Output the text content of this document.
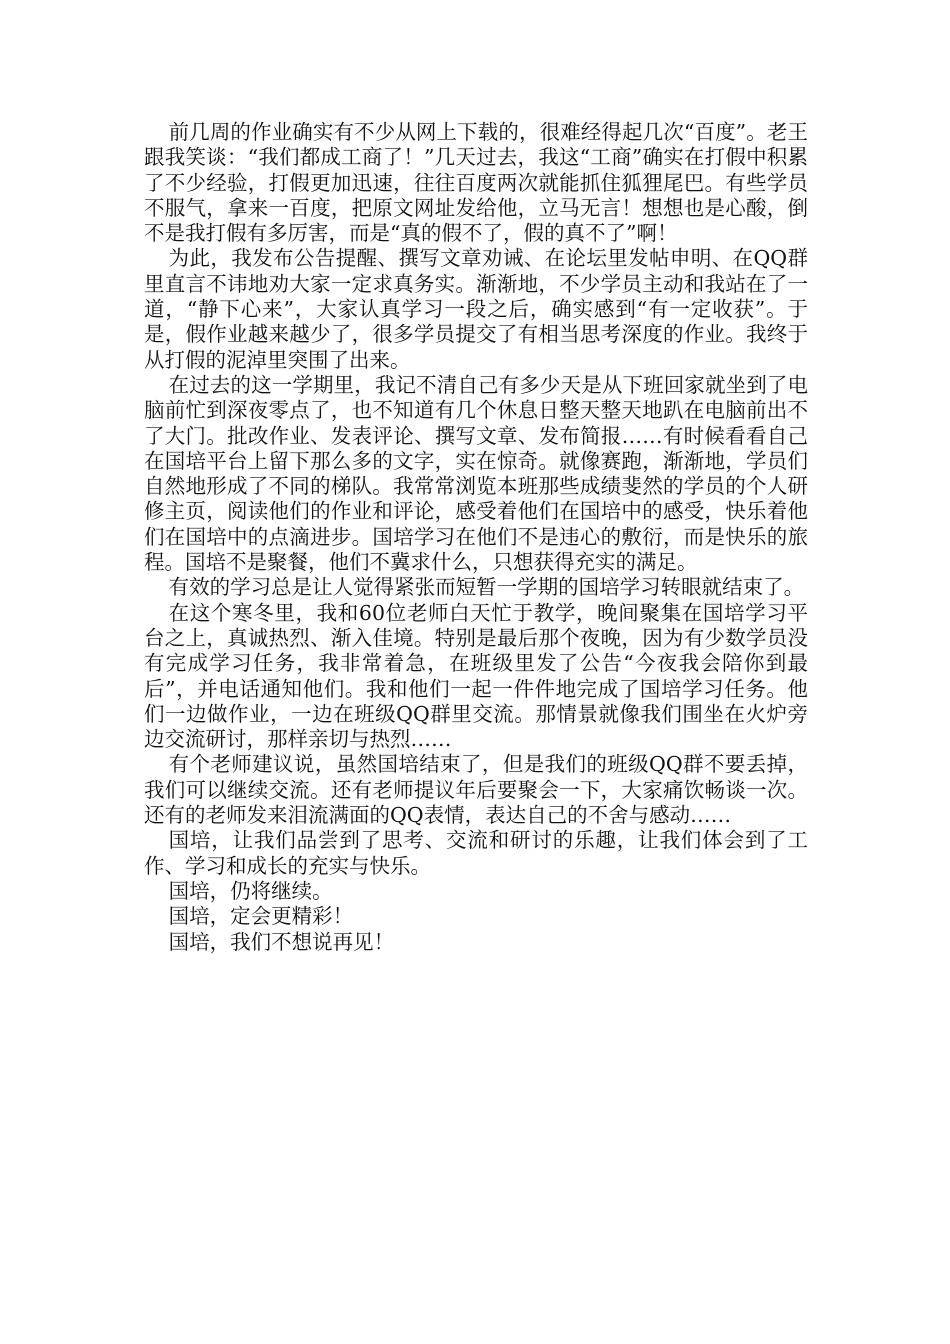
前几周的作业确实有不少从网上下载的，很难经得起几次“百度”。老王跟我笑谈：“我们都成工商了！”几天过去，我这“工商”确实在打假中积累了不少经验，打假更加迅速，往往百度两次就能抓住狐狸尾巴。有些学员不服气，拿来一百度，把原文网址发给他，立马无言！想想也是心酸，倒不是我打假有多厉害，而是“真的假不了，假的真不了”啊！

为此，我发布公告提醒、撰写文章劝诫、在论坛里发帖申明、在QQ群里直言不讳地劝大家一定求真务实。渐渐地，不少学员主动和我站在了一道，“静下心来”，大家认真学习一段之后，确实感到“有一定收获”。于是，假作业越来越少了，很多学员提交了有相当思考深度的作业。我终于从打假的泥淖里突围了出来。

在过去的这一学期里，我记不清自己有多少天是从下班回家就坐到了电脑前忙到深夜零点了，也不知道有几个休息日整天整天地趴在电脑前出不了大门。批改作业、发表评论、撰写文章、发布简报……有时候看看自己在国培平台上留下那么多的文字，实在惊奇。就像赛跑，渐渐地，学员们自然地形成了不同的梯队。我常常浏览本班那些成绩斐然的学员的个人研修主页，阅读他们的作业和评论，感受着他们在国培中的感受，快乐着他们在国培中的点滴进步。国培学习在他们不是违心的敷衍，而是快乐的旅程。国培不是聚餐，他们不冀求什么，只想获得充实的满足。

有效的学习总是让人觉得紧张而短暂一学期的国培学习转眼就结束了。

在这个寒冬里，我和60位老师白天忙于教学，晚间聚集在国培学习平台之上，真诚热烈、渐入佳境。特别是最后那个夜晚，因为有少数学员没有完成学习任务，我非常着急，在班级里发了公告“今夜我会陪你到最后”，并电话通知他们。我和他们一起一件件地完成了国培学习任务。他们一边做作业，一边在班级QQ群里交流。那情景就像我们围坐在火炉旁边交流研讨，那样亲切与热烈……

有个老师建议说，虽然国培结束了，但是我们的班级QQ群不要丢掉，我们可以继续交流。还有老师提议年后要聚会一下，大家痛饮畅谈一次。还有的老师发来泪流满面的QQ表情，表达自己的不舍与感动……

国培，让我们品尝到了思考、交流和研讨的乐趣，让我们体会到了工作、学习和成长的充实与快乐。

国培，仍将继续。

国培，定会更精彩！

国培，我们不想说再见！
